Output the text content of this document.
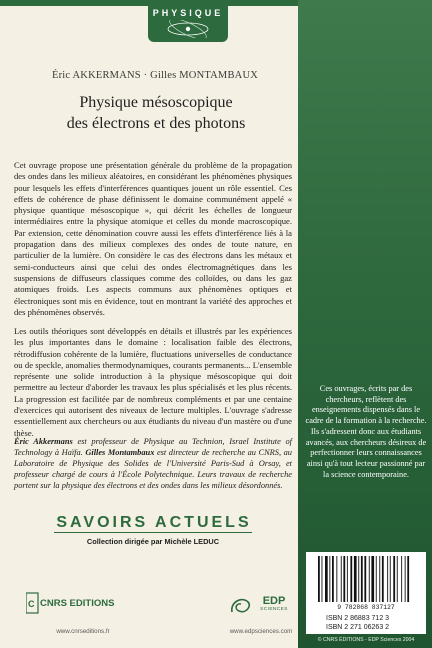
PHYSIQUE
Éric AKKERMANS · Gilles MONTAMBAUX
Physique mésoscopique
des électrons et des photons

Cet ouvrage propose une présentation générale du problème de la propagation des ondes dans les milieux aléatoires, en considérant les phénomènes physiques pour lesquels les effets d'interférences quantiques jouent un rôle essentiel. Ces effets de cohérence de phase définissent le domaine communément appelé « physique quantique mésoscopique », qui décrit les échelles de longueur intermédiaires entre la physique atomique et celles du monde macroscopique. Par extension, cette dénomination couvre aussi les effets d'interférence liés à la propagation dans des milieux complexes des ondes de toute nature, en particulier de la lumière. On considère le cas des électrons dans les métaux et semi-conducteurs ainsi que celui des ondes électromagnétiques dans les suspensions de diffuseurs classiques comme des colloïdes, ou dans les gaz atomiques froids. Les aspects communs aux phénomènes optiques et électroniques sont mis en évidence, tout en montrant la variété des approches et des phénomènes observés.

Les outils théoriques sont développés en détails et illustrés par les expériences les plus importantes dans le domaine : localisation faible des électrons, rétrodiffusion cohérente de la lumière, fluctuations universelles de conductance ou de speckle, anomalies thermodynamiques, courants permanents... L'ensemble représente une solide introduction à la physique mésoscopique qui doit permettre au lecteur d'aborder les travaux les plus spécialisés et les plus récents. La progression est facilitée par de nombreux compléments et par une centaine d'exercices qui autorisent des niveaux de lecture multiples. L'ouvrage s'adresse essentiellement aux chercheurs ou aux étudiants du niveau d'un mastère ou d'une thèse.

Éric Akkermans est professeur de Physique au Technion, Israel Institute of Technology à Haïfa. Gilles Montambaux est directeur de recherche au CNRS, au Laboratoire de Physique des Solides de l'Université Paris-Sud à Orsay, et professeur chargé de cours à l'École Polytechnique. Leurs travaux de recherche portent sur la physique des électrons et des ondes dans les milieux désordonnés.

Ces ouvrages, écrits par des chercheurs, reflètent des enseignements dispensés dans le cadre de la formation à la recherche. Ils s'adressent donc aux étudiants avancés, aux chercheurs désireux de perfectionner leurs connaissances ainsi qu'à tout lecteur passionné par la science contemporaine.

SAVOIRS ACTUELS
Collection dirigée par Michèle LEDUC
C CNRS EDITIONS
www.cnrseditions.fr
EDP
SCIENCES
www.edpsciences.com
9 782868 837127
ISBN 2 86883 712 3
ISBN 2 271 06263 2
© CNRS ÉDITIONS - EDP Sciences 2004
